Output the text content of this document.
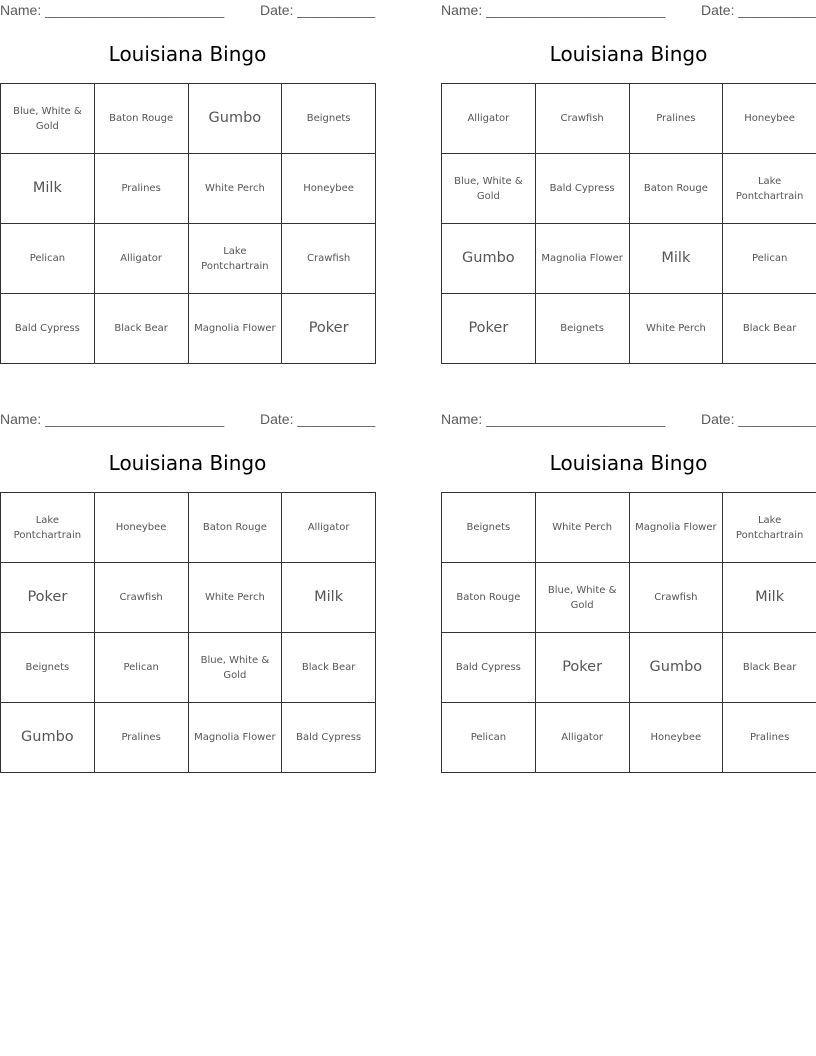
Name: _______________________	Date: __________
Louisiana Bingo
Blue, White & Gold	Baton Rouge	Gumbo	Beignets
Milk	Pralines	White Perch	Honeybee
Pelican	Alligator	Lake Pontchartrain	Crawfish
Bald Cypress	Black Bear	Magnolia Flower	Poker
Name: _______________________	Date: __________
Louisiana Bingo
Alligator	Crawfish	Pralines	Honeybee
Blue, White & Gold	Bald Cypress	Baton Rouge	Lake Pontchartrain
Gumbo	Magnolia Flower	Milk	Pelican
Poker	Beignets	White Perch	Black Bear
Name: _______________________	Date: __________
Louisiana Bingo
Lake Pontchartrain	Honeybee	Baton Rouge	Alligator
Poker	Crawfish	White Perch	Milk
Beignets	Pelican	Blue, White & Gold	Black Bear
Gumbo	Pralines	Magnolia Flower	Bald Cypress
Name: _______________________	Date: __________
Louisiana Bingo
Beignets	White Perch	Magnolia Flower	Lake Pontchartrain
Baton Rouge	Blue, White & Gold	Crawfish	Milk
Bald Cypress	Poker	Gumbo	Black Bear
Pelican	Alligator	Honeybee	Pralines
